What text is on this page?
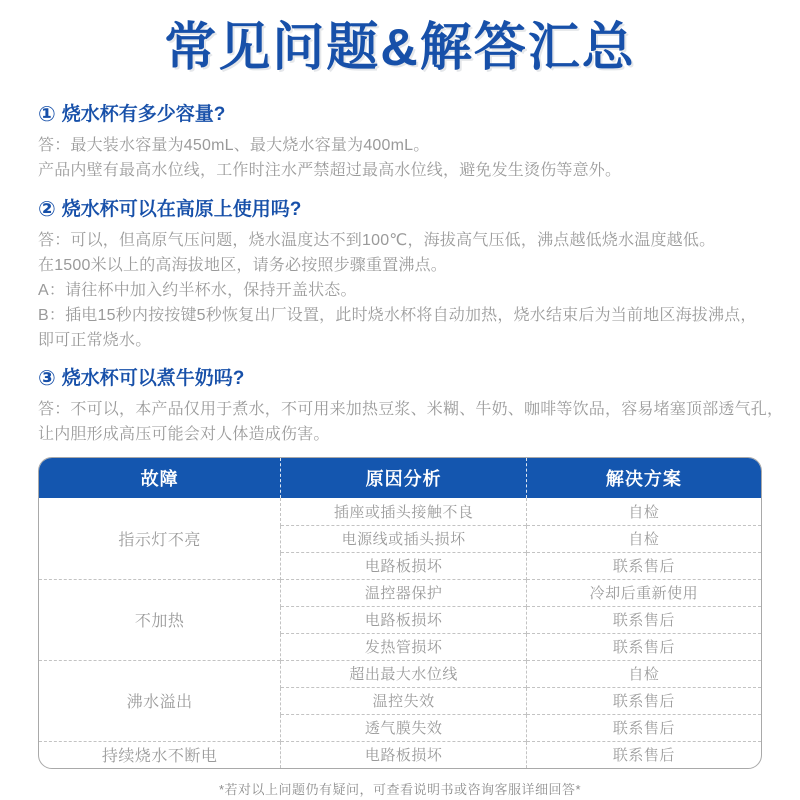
常见问题&解答汇总
① 烧水杯有多少容量?

答：最大装水容量为450mL、最大烧水容量为400mL。

产品内壁有最高水位线，工作时注水严禁超过最高水位线，避免发生烫伤等意外。

② 烧水杯可以在高原上使用吗?

答：可以，但高原气压问题，烧水温度达不到100℃，海拔高气压低，沸点越低烧水温度越低。

在1500米以上的高海拔地区，请务必按照步骤重置沸点。

A：请往杯中加入约半杯水，保持开盖状态。

B：插电15秒内按按键5秒恢复出厂设置，此时烧水杯将自动加热，烧水结束后为当前地区海拔沸点，

即可正常烧水。

③ 烧水杯可以煮牛奶吗?

答：不可以，本产品仅用于煮水，不可用来加热豆浆、米糊、牛奶、咖啡等饮品，容易堵塞顶部透气孔，

让内胆形成高压可能会对人体造成伤害。

故障	原因分析	解决方案
指示灯不亮	插座或插头接触不良	自检
	电源线或插头损坏	自检
	电路板损坏	联系售后
不加热	温控器保护	冷却后重新使用
	电路板损坏	联系售后
	发热管损坏	联系售后
沸水溢出	超出最大水位线	自检
	温控失效	联系售后
	透气膜失效	联系售后
持续烧水不断电	电路板损坏	联系售后
*若对以上问题仍有疑问，可查看说明书或咨询客服详细回答*
